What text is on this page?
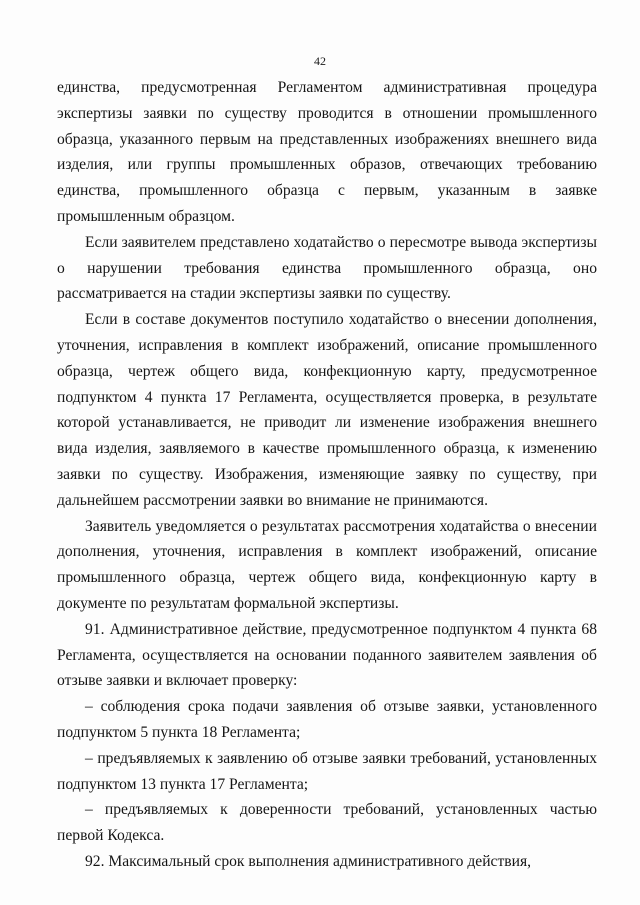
42

единства, предусмотренная Регламентом административная процедура экспертизы заявки по существу проводится в отношении промышленного образца, указанного первым на представленных изображениях внешнего вида изделия, или группы промышленных образов, отвечающих требованию единства, промышленного образца с первым, указанным в заявке промышленным образцом.

Если заявителем представлено ходатайство о пересмотре вывода экспертизы о нарушении требования единства промышленного образца, оно рассматривается на стадии экспертизы заявки по существу.

Если в составе документов поступило ходатайство о внесении дополнения, уточнения, исправления в комплект изображений, описание промышленного образца, чертеж общего вида, конфекционную карту, предусмотренное подпунктом 4 пункта 17 Регламента, осуществляется проверка, в результате которой устанавливается, не приводит ли изменение изображения внешнего вида изделия, заявляемого в качестве промышленного образца, к изменению заявки по существу. Изображения, изменяющие заявку по существу, при дальнейшем рассмотрении заявки во внимание не принимаются.

Заявитель уведомляется о результатах рассмотрения ходатайства о внесении дополнения, уточнения, исправления в комплект изображений, описание промышленного образца, чертеж общего вида, конфекционную карту в документе по результатам формальной экспертизы.

91. Административное действие, предусмотренное подпунктом 4 пункта 68 Регламента, осуществляется на основании поданного заявителем заявления об отзыве заявки и включает проверку:

– соблюдения срока подачи заявления об отзыве заявки, установленного подпунктом 5 пункта 18 Регламента;

– предъявляемых к заявлению об отзыве заявки требований, установленных подпунктом 13 пункта 17 Регламента;

– предъявляемых к доверенности требований, установленных частью первой Кодекса.

92. Максимальный срок выполнения административного действия,
